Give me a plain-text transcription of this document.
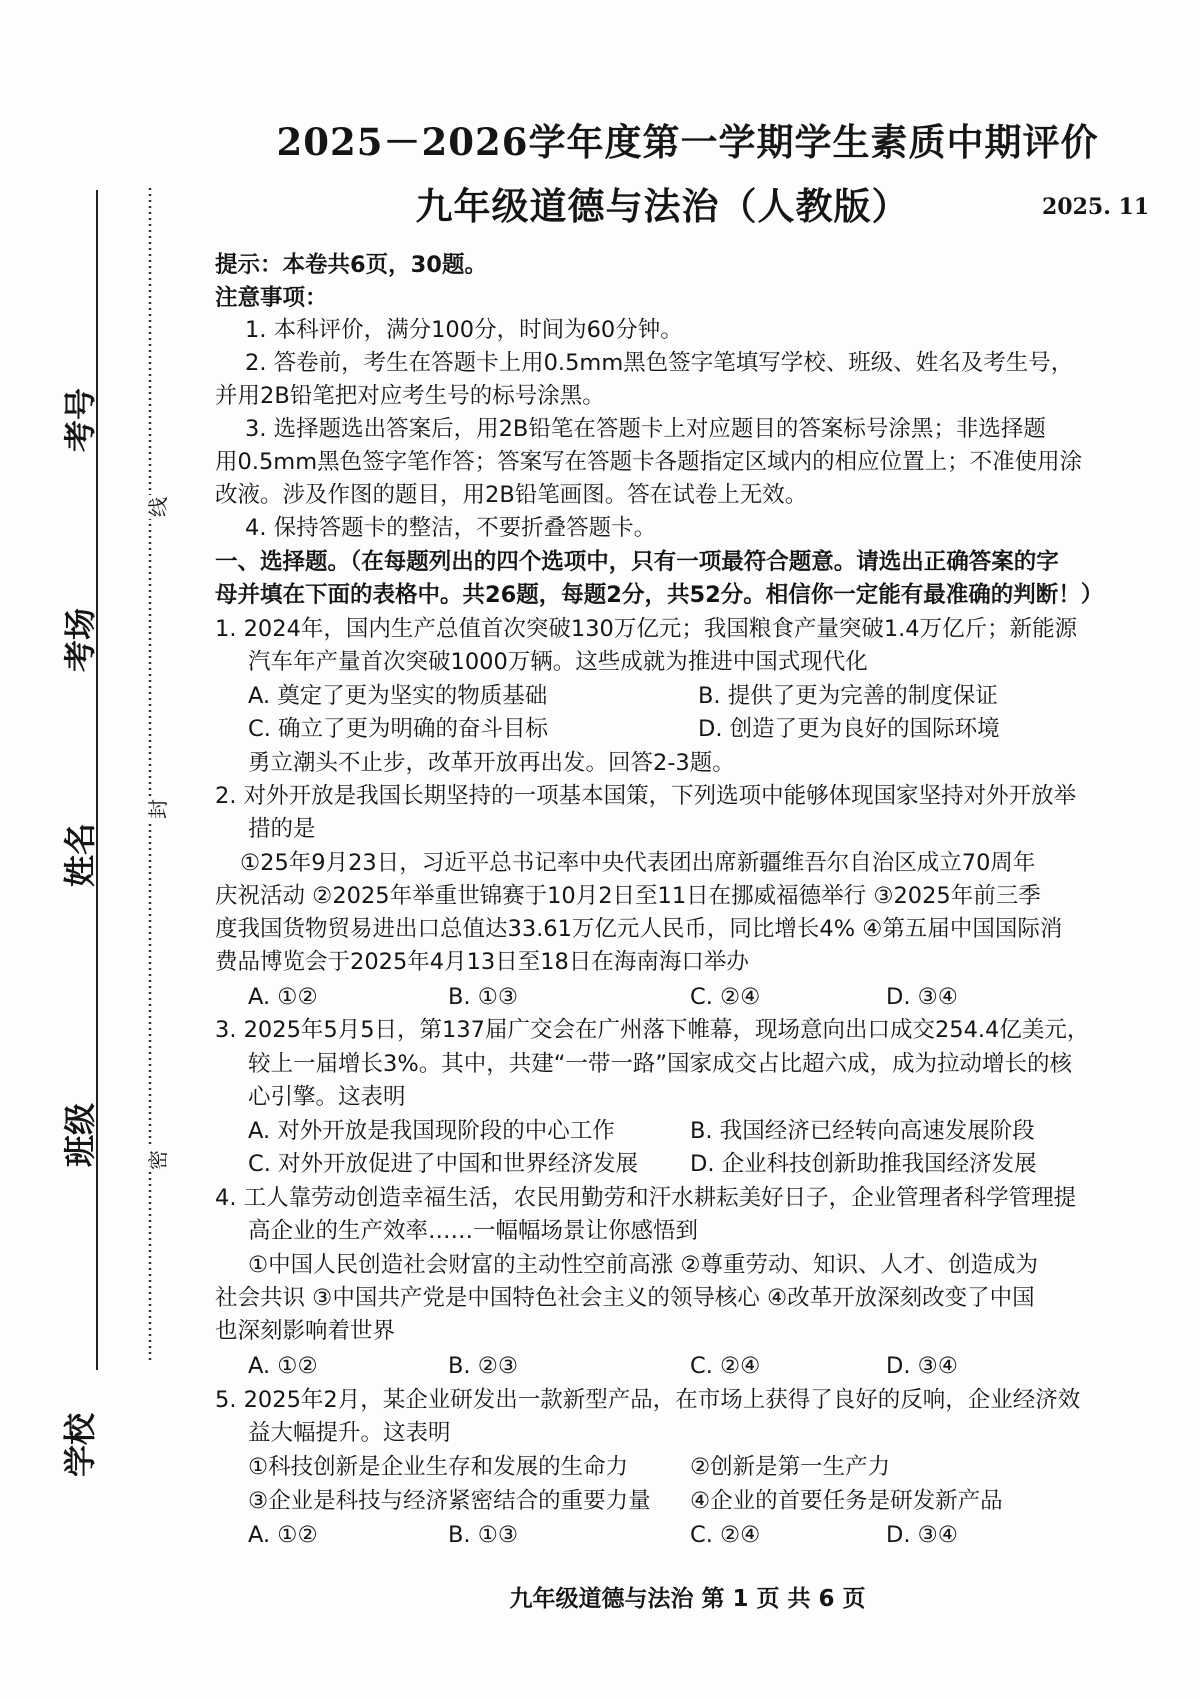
考号
考场
姓名
班级
学校
线
封
密
2025－2026学年度第一学期学生素质中期评价
九年级道德与法治（人教版）	2025. 11
提示：本卷共6页，30题。
注意事项：
1. 本科评价，满分100分，时间为60分钟。
2. 答卷前，考生在答题卡上用0.5mm黑色签字笔填写学校、班级、姓名及考生号，
并用2B铅笔把对应考生号的标号涂黑。
3. 选择题选出答案后，用2B铅笔在答题卡上对应题目的答案标号涂黑；非选择题
用0.5mm黑色签字笔作答；答案写在答题卡各题指定区域内的相应位置上；不准使用涂
改液。涉及作图的题目，用2B铅笔画图。答在试卷上无效。
4. 保持答题卡的整洁，不要折叠答题卡。
一、选择题。（在每题列出的四个选项中，只有一项最符合题意。请选出正确答案的字
母并填在下面的表格中。共26题，每题2分，共52分。相信你一定能有最准确的判断！）
1. 2024年，国内生产总值首次突破130万亿元；我国粮食产量突破1.4万亿斤；新能源
汽车年产量首次突破1000万辆。这些成就为推进中国式现代化
A. 奠定了更为坚实的物质基础	B. 提供了更为完善的制度保证
C. 确立了更为明确的奋斗目标	D. 创造了更为良好的国际环境
勇立潮头不止步，改革开放再出发。回答2-3题。
2. 对外开放是我国长期坚持的一项基本国策，下列选项中能够体现国家坚持对外开放举
措的是
①25年9月23日，习近平总书记率中央代表团出席新疆维吾尔自治区成立70周年
庆祝活动 ②2025年举重世锦赛于10月2日至11日在挪威福德举行 ③2025年前三季
度我国货物贸易进出口总值达33.61万亿元人民币，同比增长4% ④第五届中国国际消
费品博览会于2025年4月13日至18日在海南海口举办
A. ①②	B. ①③	C. ②④	D. ③④
3. 2025年5月5日，第137届广交会在广州落下帷幕，现场意向出口成交254.4亿美元，
较上一届增长3%。其中，共建“一带一路”国家成交占比超六成，成为拉动增长的核
心引擎。这表明
A. 对外开放是我国现阶段的中心工作	B. 我国经济已经转向高速发展阶段
C. 对外开放促进了中国和世界经济发展 D. 企业科技创新助推我国经济发展
4. 工人靠劳动创造幸福生活，农民用勤劳和汗水耕耘美好日子，企业管理者科学管理提
高企业的生产效率……一幅幅场景让你感悟到
①中国人民创造社会财富的主动性空前高涨 ②尊重劳动、知识、人才、创造成为
社会共识 ③中国共产党是中国特色社会主义的领导核心 ④改革开放深刻改变了中国
也深刻影响着世界
A. ①②	B. ②③	C. ②④	D. ③④
5. 2025年2月，某企业研发出一款新型产品，在市场上获得了良好的反响，企业经济效
益大幅提升。这表明
①科技创新是企业生存和发展的生命力	②创新是第一生产力
③企业是科技与经济紧密结合的重要力量 ④企业的首要任务是研发新产品
A. ①②	B. ①③	C. ②④	D. ③④
九年级道德与法治 第 1 页 共 6 页
